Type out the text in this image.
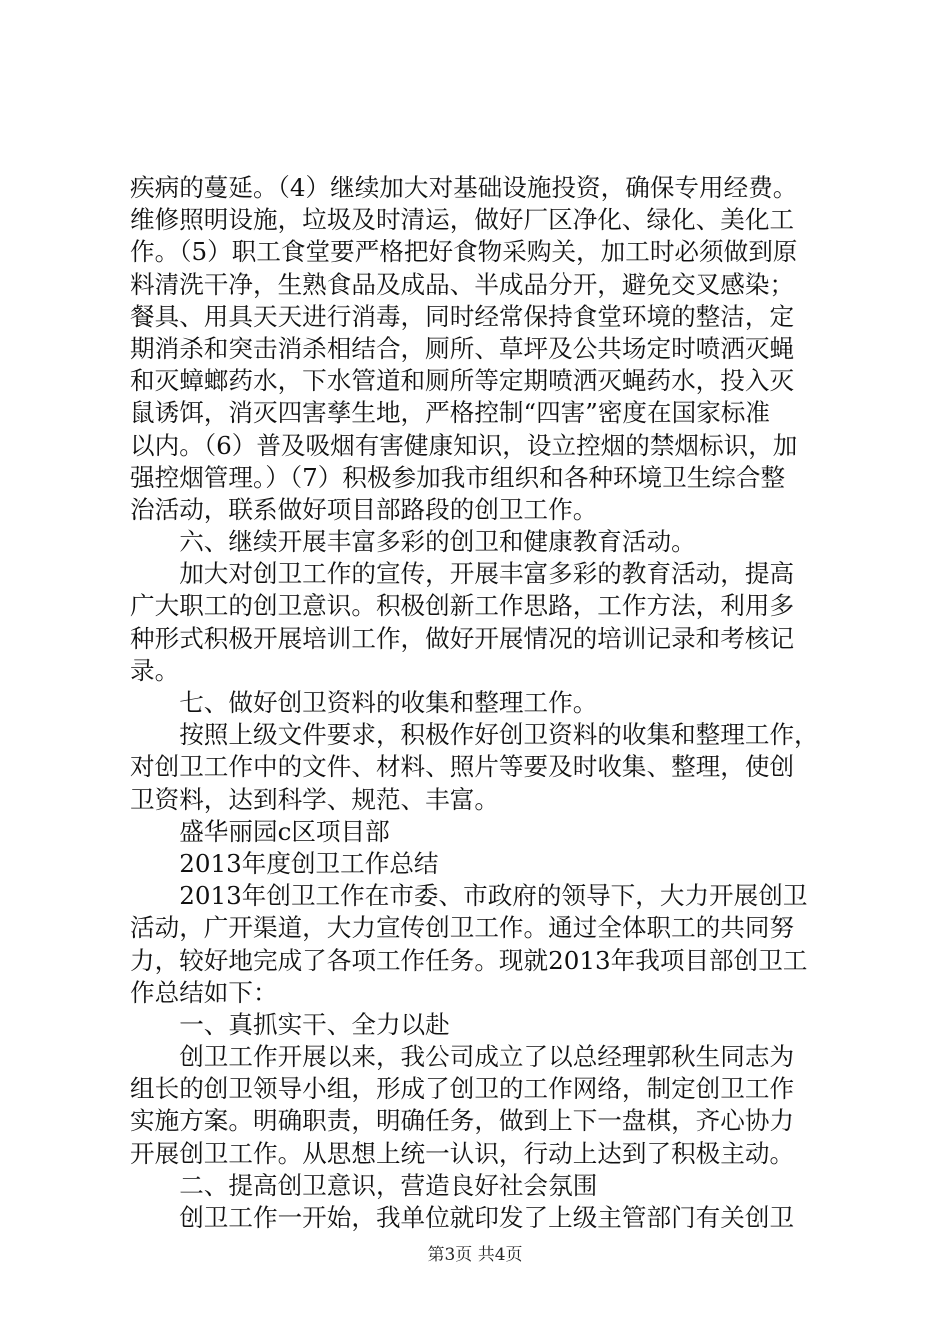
疾病的蔓延。（4）继续加大对基础设施投资，确保专用经费。
维修照明设施，垃圾及时清运，做好厂区净化、绿化、美化工
作。（5）职工食堂要严格把好食物采购关，加工时必须做到原
料清洗干净，生熟食品及成品、半成品分开，避免交叉感染；
餐具、用具天天进行消毒，同时经常保持食堂环境的整洁，定
期消杀和突击消杀相结合，厕所、草坪及公共场定时喷洒灭蝇
和灭蟑螂药水，下水管道和厕所等定期喷洒灭蝇药水，投入灭
鼠诱饵，消灭四害孳生地，严格控制“四害”密度在国家标准
以内。（6）普及吸烟有害健康知识，设立控烟的禁烟标识，加
强控烟管理。）（7）积极参加我市组织和各种环境卫生综合整
治活动，联系做好项目部路段的创卫工作。
　　六、继续开展丰富多彩的创卫和健康教育活动。
　　加大对创卫工作的宣传，开展丰富多彩的教育活动，提高
广大职工的创卫意识。积极创新工作思路，工作方法，利用多
种形式积极开展培训工作，做好开展情况的培训记录和考核记
录。
　　七、做好创卫资料的收集和整理工作。
　　按照上级文件要求，积极作好创卫资料的收集和整理工作，
对创卫工作中的文件、材料、照片等要及时收集、整理，使创
卫资料，达到科学、规范、丰富。
　　盛华丽园c区项目部
　　2013年度创卫工作总结
　　2013年创卫工作在市委、市政府的领导下，大力开展创卫
活动，广开渠道，大力宣传创卫工作。通过全体职工的共同努
力，较好地完成了各项工作任务。现就2013年我项目部创卫工
作总结如下：
　　一、真抓实干、全力以赴
　　创卫工作开展以来，我公司成立了以总经理郭秋生同志为
组长的创卫领导小组，形成了创卫的工作网络，制定创卫工作
实施方案。明确职责，明确任务，做到上下一盘棋，齐心协力
开展创卫工作。从思想上统一认识，行动上达到了积极主动。
　　二、提高创卫意识，营造良好社会氛围
　　创卫工作一开始，我单位就印发了上级主管部门有关创卫
第3页 共4页
